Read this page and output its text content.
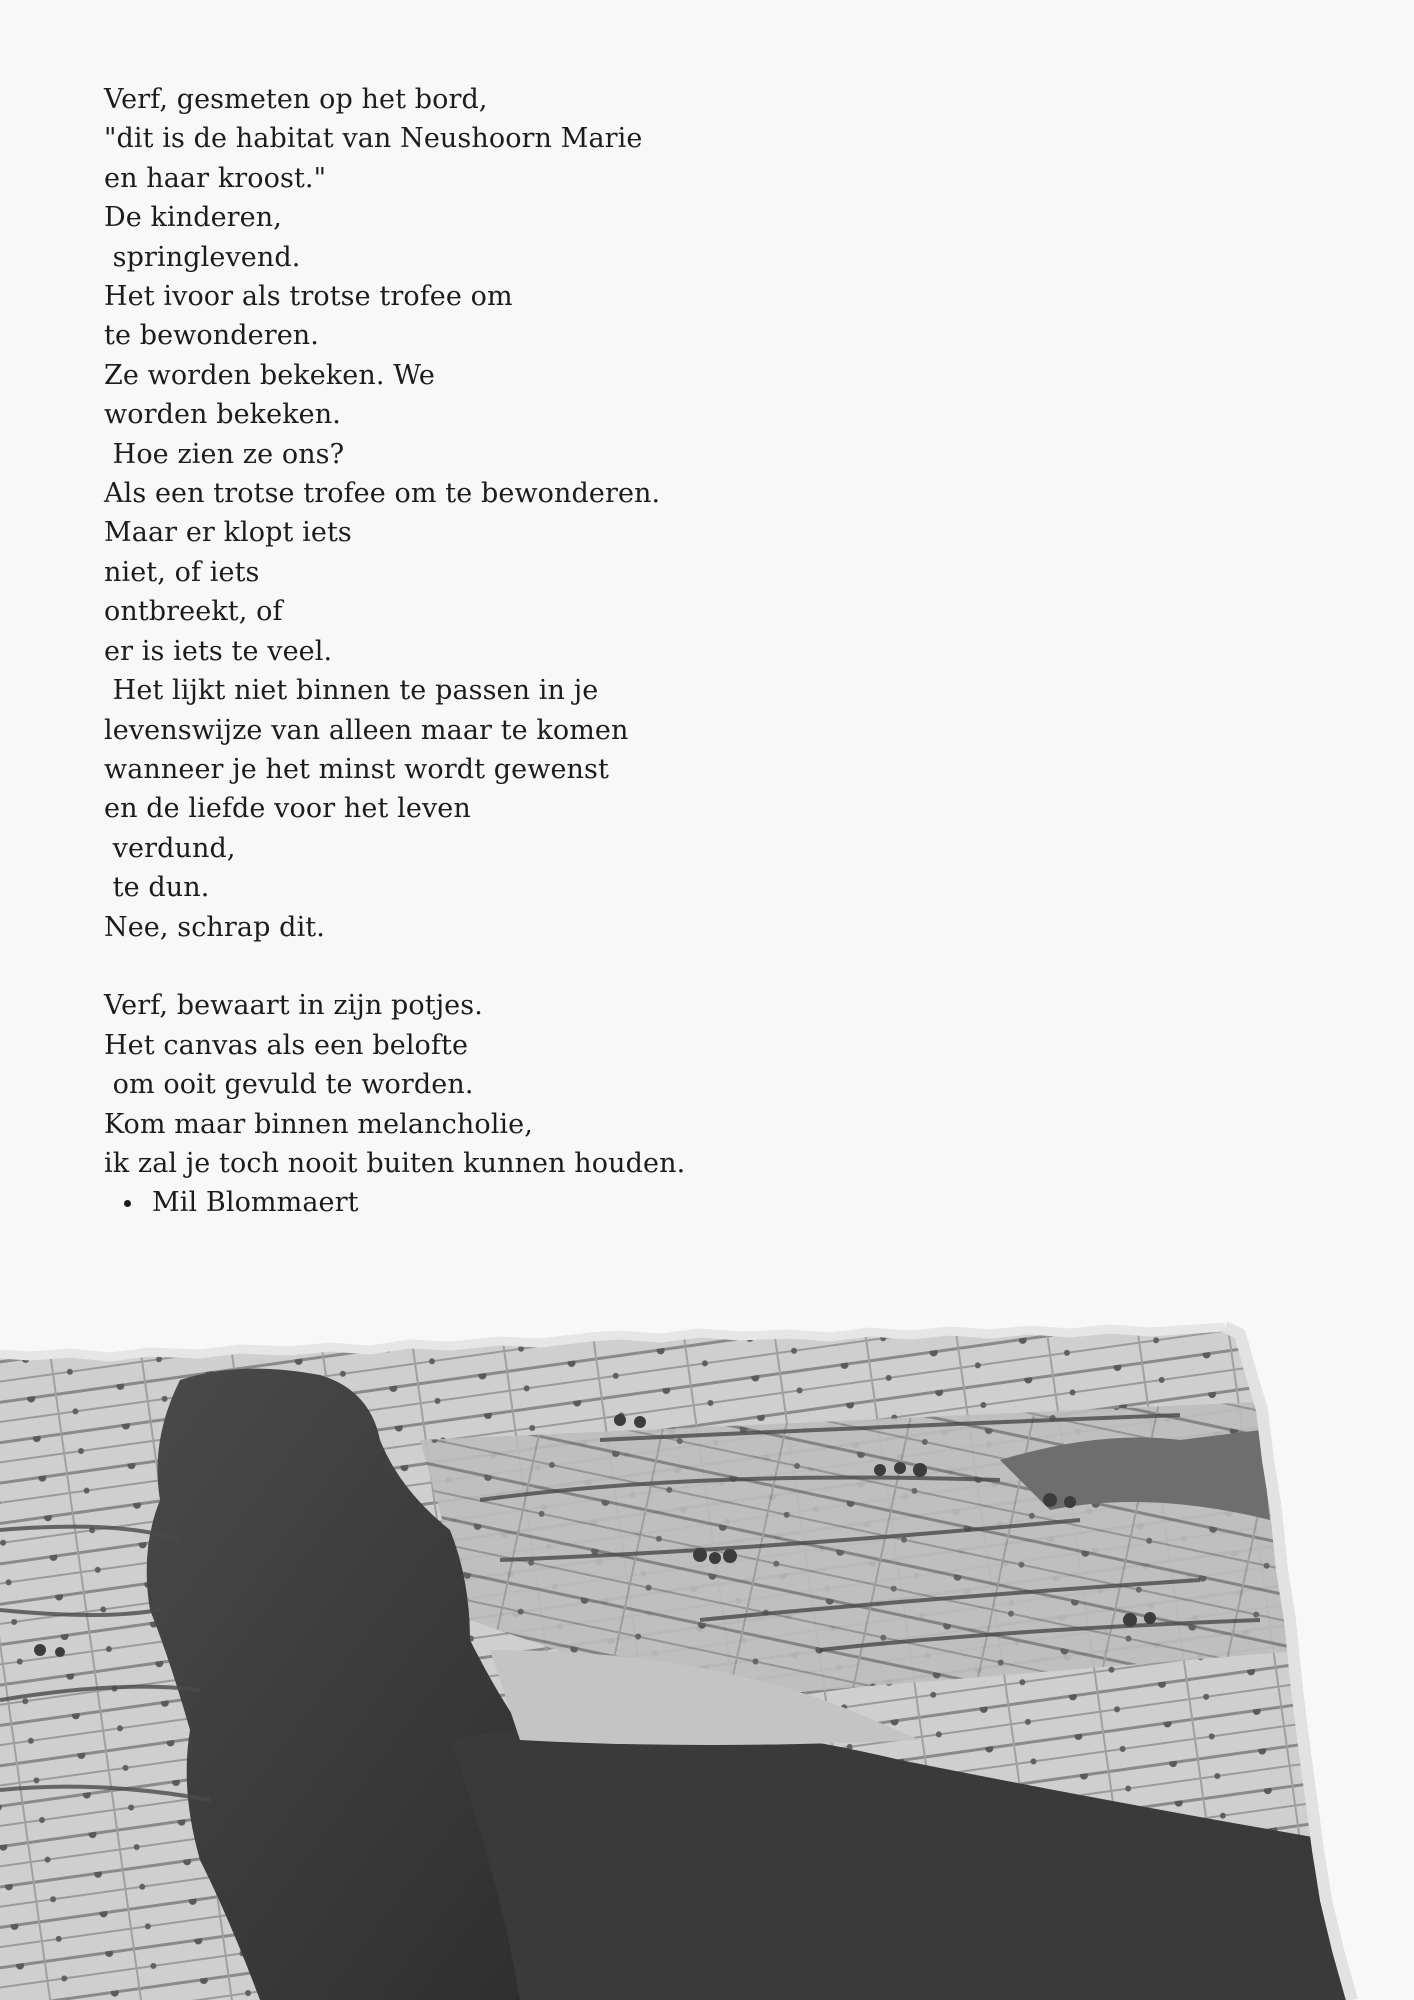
Verf, gesmeten op het bord,
"dit is de habitat van Neushoorn Marie
en haar kroost."
De kinderen,
springlevend.
Het ivoor als trotse trofee om
te bewonderen.
Ze worden bekeken. We
worden bekeken.
Hoe zien ze ons?
Als een trotse trofee om te bewonderen.
Maar er klopt iets
niet, of iets
ontbreekt, of
er is iets te veel.
Het lijkt niet binnen te passen in je
levenswijze van alleen maar te komen
wanneer je het minst wordt gewenst
en de liefde voor het leven
verdund,
te dun.
Nee, schrap dit.
Verf, bewaart in zijn potjes.
Het canvas als een belofte
om ooit gevuld te worden.
Kom maar binnen melancholie,
ik zal je toch nooit buiten kunnen houden.
Mil Blommaert
